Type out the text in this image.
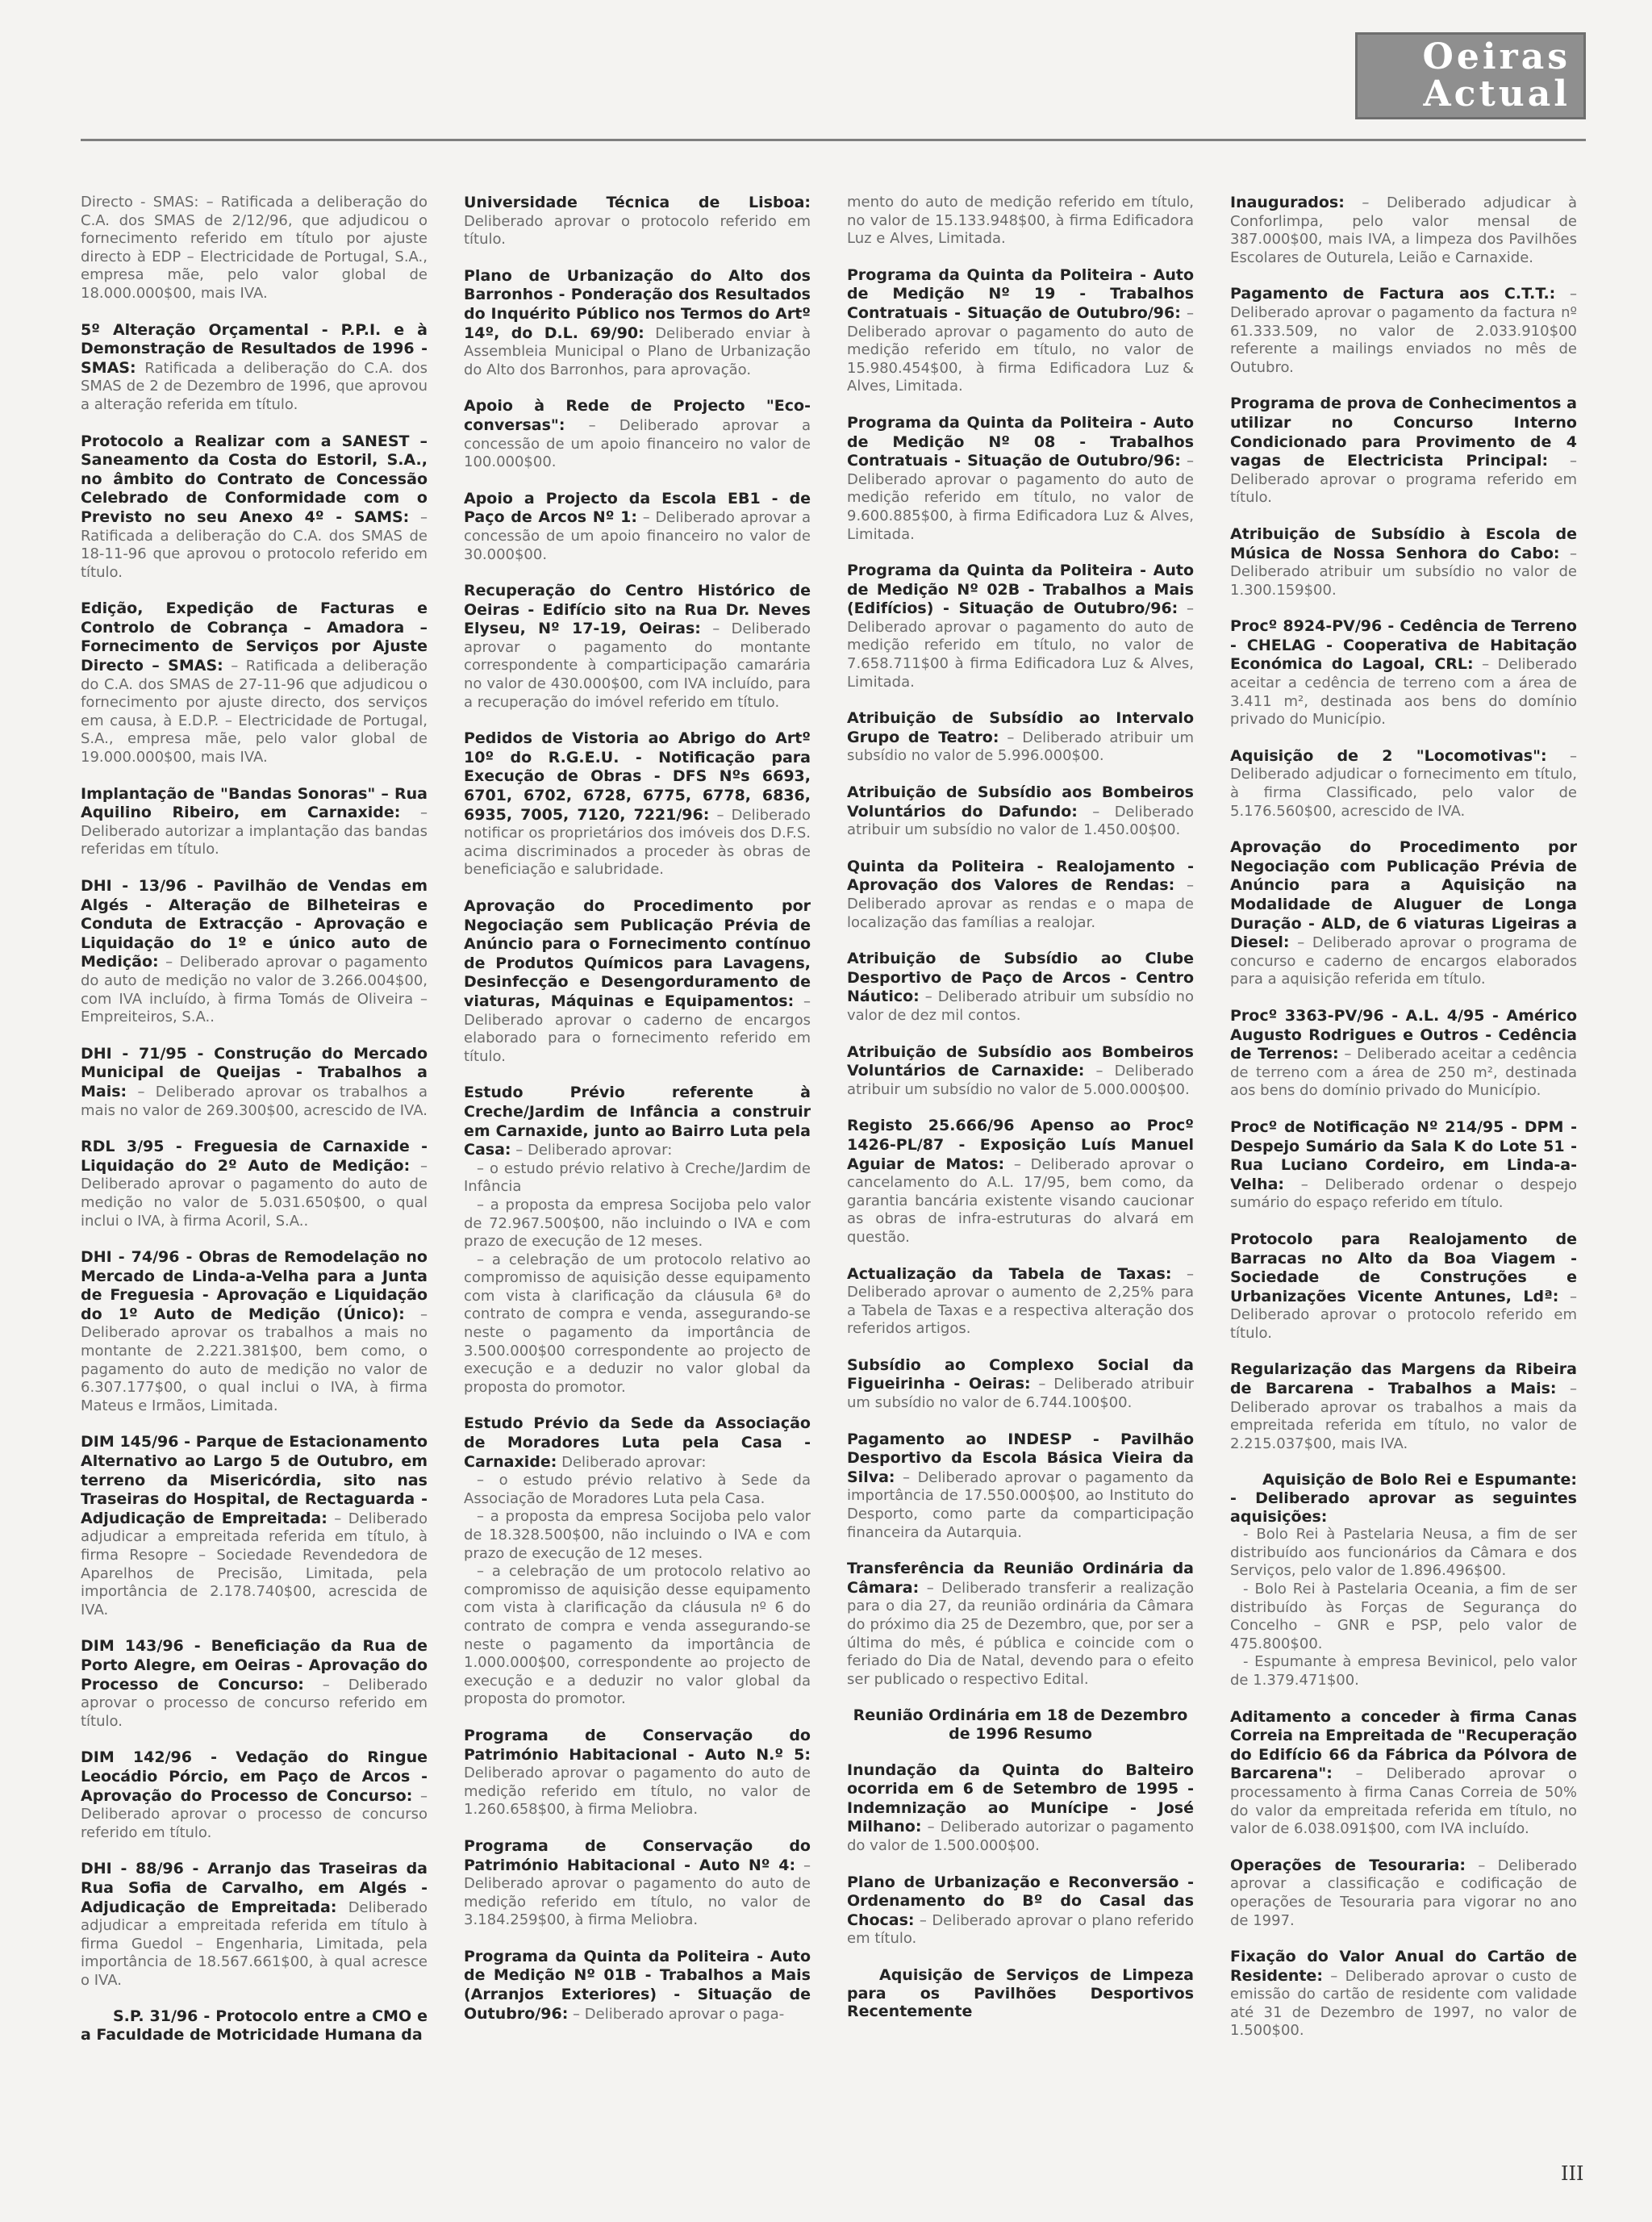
Oeiras
Actual
Directo - SMAS: – Ratificada a deliberação do C.A. dos SMAS de 2/12/96, que adjudicou o fornecimento referido em título por ajuste directo à EDP – Electricidade de Portugal, S.A., empresa mãe, pelo valor global de 18.000.000$00, mais IVA.
5º Alteração Orçamental - P.P.I. e à Demonstração de Resultados de 1996 - SMAS: Ratificada a deliberação do C.A. dos SMAS de 2 de Dezembro de 1996, que aprovou a alteração referida em título.
Protocolo a Realizar com a SANEST – Saneamento da Costa do Estoril, S.A., no âmbito do Contrato de Concessão Celebrado de Conformidade com o Previsto no seu Anexo 4º - SAMS: – Ratificada a deliberação do C.A. dos SMAS de 18-11-96 que aprovou o protocolo referido em título.
Edição, Expedição de Facturas e Controlo de Cobrança – Amadora – Fornecimento de Serviços por Ajuste Directo – SMAS: – Ratificada a deliberação do C.A. dos SMAS de 27-11-96 que adjudicou o fornecimento por ajuste directo, dos serviços em causa, à E.D.P. – Electricidade de Portugal, S.A., empresa mãe, pelo valor global de 19.000.000$00, mais IVA.
Implantação de "Bandas Sonoras" – Rua Aquilino Ribeiro, em Carnaxide: – Deliberado autorizar a implantação das bandas referidas em título.
DHI - 13/96 - Pavilhão de Vendas em Algés - Alteração de Bilheteiras e Conduta de Extracção - Aprovação e Liquidação do 1º e único auto de Medição: – Deliberado aprovar o pagamento do auto de medição no valor de 3.266.004$00, com IVA incluído, à firma Tomás de Oliveira – Empreiteiros, S.A..
DHI - 71/95 - Construção do Mercado Municipal de Queijas - Trabalhos a Mais: – Deliberado aprovar os trabalhos a mais no valor de 269.300$00, acrescido de IVA.
RDL 3/95 - Freguesia de Carnaxide - Liquidação do 2º Auto de Medição: – Deliberado aprovar o pagamento do auto de medição no valor de 5.031.650$00, o qual inclui o IVA, à firma Acoril, S.A..
DHI - 74/96 - Obras de Remodelação no Mercado de Linda-a-Velha para a Junta de Freguesia - Aprovação e Liquidação do 1º Auto de Medição (Único): – Deliberado aprovar os trabalhos a mais no montante de 2.221.381$00, bem como, o pagamento do auto de medição no valor de 6.307.177$00, o qual inclui o IVA, à firma Mateus e Irmãos, Limitada.
DIM 145/96 - Parque de Estacionamento Alternativo ao Largo 5 de Outubro, em terreno da Misericórdia, sito nas Traseiras do Hospital, de Rectaguarda - Adjudicação de Empreitada: – Deliberado adjudicar a empreitada referida em título, à firma Resopre – Sociedade Revendedora de Aparelhos de Precisão, Limitada, pela importância de 2.178.740$00, acrescida de IVA.
DIM 143/96 - Beneficiação da Rua de Porto Alegre, em Oeiras - Aprovação do Processo de Concurso: – Deliberado aprovar o processo de concurso referido em título.
DIM 142/96 - Vedação do Ringue Leocádio Pórcio, em Paço de Arcos - Aprovação do Processo de Concurso: – Deliberado aprovar o processo de concurso referido em título.
DHI - 88/96 - Arranjo das Traseiras da Rua Sofia de Carvalho, em Algés - Adjudicação de Empreitada: Deliberado adjudicar a empreitada referida em título à firma Guedol – Engenharia, Limitada, pela importância de 18.567.661$00, à qual acresce o IVA.
S.P. 31/96 - Protocolo entre a CMO e a Faculdade de Motricidade Humana da
Universidade Técnica de Lisboa: Deliberado aprovar o protocolo referido em título.
Plano de Urbanização do Alto dos Barronhos - Ponderação dos Resultados do Inquérito Público nos Termos do Artº 14º, do D.L. 69/90: Deliberado enviar à Assembleia Municipal o Plano de Urbanização do Alto dos Barronhos, para aprovação.
Apoio à Rede de Projecto "Eco-conversas": – Deliberado aprovar a concessão de um apoio financeiro no valor de 100.000$00.
Apoio a Projecto da Escola EB1 - de Paço de Arcos Nº 1: – Deliberado aprovar a concessão de um apoio financeiro no valor de 30.000$00.
Recuperação do Centro Histórico de Oeiras - Edifício sito na Rua Dr. Neves Elyseu, Nº 17-19, Oeiras: – Deliberado aprovar o pagamento do montante correspondente à comparticipação camarária no valor de 430.000$00, com IVA incluído, para a recuperação do imóvel referido em título.
Pedidos de Vistoria ao Abrigo do Artº 10º do R.G.E.U. - Notificação para Execução de Obras - DFS Nºs 6693, 6701, 6702, 6728, 6775, 6778, 6836, 6935, 7005, 7120, 7221/96: – Deliberado notificar os proprietários dos imóveis dos D.F.S. acima discriminados a proceder às obras de beneficiação e salubridade.
Aprovação do Procedimento por Negociação sem Publicação Prévia de Anúncio para o Fornecimento contínuo de Produtos Químicos para Lavagens, Desinfecção e Desengorduramento de viaturas, Máquinas e Equipamentos: – Deliberado aprovar o caderno de encargos elaborado para o fornecimento referido em título.
Estudo Prévio referente à Creche/Jardim de Infância a construir em Carnaxide, junto ao Bairro Luta pela Casa: – Deliberado aprovar:
– o estudo prévio relativo à Creche/Jardim de Infância
– a proposta da empresa Socijoba pelo valor de 72.967.500$00, não incluindo o IVA e com prazo de execução de 12 meses.
– a celebração de um protocolo relativo ao compromisso de aquisição desse equipamento com vista à clarificação da cláusula 6ª do contrato de compra e venda, assegurando-se neste o pagamento da importância de 3.500.000$00 correspondente ao projecto de execução e a deduzir no valor global da proposta do promotor.
Estudo Prévio da Sede da Associação de Moradores Luta pela Casa - Carnaxide: Deliberado aprovar:
– o estudo prévio relativo à Sede da Associação de Moradores Luta pela Casa.
– a proposta da empresa Socijoba pelo valor de 18.328.500$00, não incluindo o IVA e com prazo de execução de 12 meses.
– a celebração de um protocolo relativo ao compromisso de aquisição desse equipamento com vista à clarificação da cláusula nº 6 do contrato de compra e venda assegurando-se neste o pagamento da importância de 1.000.000$00, correspondente ao projecto de execução e a deduzir no valor global da proposta do promotor.
Programa de Conservação do Património Habitacional - Auto N.º 5: Deliberado aprovar o pagamento do auto de medição referido em título, no valor de 1.260.658$00, à firma Meliobra.
Programa de Conservação do Património Habitacional - Auto Nº 4: – Deliberado aprovar o pagamento do auto de medição referido em título, no valor de 3.184.259$00, à firma Meliobra.
Programa da Quinta da Politeira - Auto de Medição Nº 01B - Trabalhos a Mais (Arranjos Exteriores) - Situação de Outubro/96: – Deliberado aprovar o paga-
mento do auto de medição referido em título, no valor de 15.133.948$00, à firma Edificadora Luz e Alves, Limitada.
Programa da Quinta da Politeira - Auto de Medição Nº 19 - Trabalhos Contratuais - Situação de Outubro/96: – Deliberado aprovar o pagamento do auto de medição referido em título, no valor de 15.980.454$00, à firma Edificadora Luz & Alves, Limitada.
Programa da Quinta da Politeira - Auto de Medição Nº 08 - Trabalhos Contratuais - Situação de Outubro/96: – Deliberado aprovar o pagamento do auto de medição referido em título, no valor de 9.600.885$00, à firma Edificadora Luz & Alves, Limitada.
Programa da Quinta da Politeira - Auto de Medição Nº 02B - Trabalhos a Mais (Edifícios) - Situação de Outubro/96: – Deliberado aprovar o pagamento do auto de medição referido em título, no valor de 7.658.711$00 à firma Edificadora Luz & Alves, Limitada.
Atribuição de Subsídio ao Intervalo Grupo de Teatro: – Deliberado atribuir um subsídio no valor de 5.996.000$00.
Atribuição de Subsídio aos Bombeiros Voluntários do Dafundo: – Deliberado atribuir um subsídio no valor de 1.450.00$00.
Quinta da Politeira - Realojamento - Aprovação dos Valores de Rendas: – Deliberado aprovar as rendas e o mapa de localização das famílias a realojar.
Atribuição de Subsídio ao Clube Desportivo de Paço de Arcos - Centro Náutico: – Deliberado atribuir um subsídio no valor de dez mil contos.
Atribuição de Subsídio aos Bombeiros Voluntários de Carnaxide: – Deliberado atribuir um subsídio no valor de 5.000.000$00.
Registo 25.666/96 Apenso ao Procº 1426-PL/87 - Exposição Luís Manuel Aguiar de Matos: – Deliberado aprovar o cancelamento do A.L. 17/95, bem como, da garantia bancária existente visando caucionar as obras de infra-estruturas do alvará em questão.
Actualização da Tabela de Taxas: – Deliberado aprovar o aumento de 2,25% para a Tabela de Taxas e a respectiva alteração dos referidos artigos.
Subsídio ao Complexo Social da Figueirinha - Oeiras: – Deliberado atribuir um subsídio no valor de 6.744.100$00.
Pagamento ao INDESP - Pavilhão Desportivo da Escola Básica Vieira da Silva: – Deliberado aprovar o pagamento da importância de 17.550.000$00, ao Instituto do Desporto, como parte da comparticipação financeira da Autarquia.
Transferência da Reunião Ordinária da Câmara: – Deliberado transferir a realização para o dia 27, da reunião ordinária da Câmara do próximo dia 25 de Dezembro, que, por ser a última do mês, é pública e coincide com o feriado do Dia de Natal, devendo para o efeito ser publicado o respectivo Edital.
Reunião Ordinária em 18 de Dezembro de 1996 Resumo
Inundação da Quinta do Balteiro ocorrida em 6 de Setembro de 1995 - Indemnização ao Munícipe - José Milhano: – Deliberado autorizar o pagamento do valor de 1.500.000$00.
Plano de Urbanização e Reconversão - Ordenamento do Bº do Casal das Chocas: – Deliberado aprovar o plano referido em título.
Aquisição de Serviços de Limpeza para os Pavilhões Desportivos Recentemente
Inaugurados: – Deliberado adjudicar à Conforlimpa, pelo valor mensal de 387.000$00, mais IVA, a limpeza dos Pavilhões Escolares de Outurela, Leião e Carnaxide.
Pagamento de Factura aos C.T.T.: – Deliberado aprovar o pagamento da factura nº 61.333.509, no valor de 2.033.910$00 referente a mailings enviados no mês de Outubro.
Programa de prova de Conhecimentos a utilizar no Concurso Interno Condicionado para Provimento de 4 vagas de Electricista Principal: – Deliberado aprovar o programa referido em título.
Atribuição de Subsídio à Escola de Música de Nossa Senhora do Cabo: – Deliberado atribuir um subsídio no valor de 1.300.159$00.
Procº 8924-PV/96 - Cedência de Terreno - CHELAG - Cooperativa de Habitação Económica do Lagoal, CRL: – Deliberado aceitar a cedência de terreno com a área de 3.411 m², destinada aos bens do domínio privado do Município.
Aquisição de 2 "Locomotivas": – Deliberado adjudicar o fornecimento em título, à firma Classificado, pelo valor de 5.176.560$00, acrescido de IVA.
Aprovação do Procedimento por Negociação com Publicação Prévia de Anúncio para a Aquisição na Modalidade de Aluguer de Longa Duração - ALD, de 6 viaturas Ligeiras a Diesel: – Deliberado aprovar o programa de concurso e caderno de encargos elaborados para a aquisição referida em título.
Procº 3363-PV/96 - A.L. 4/95 - Américo Augusto Rodrigues e Outros - Cedência de Terrenos: – Deliberado aceitar a cedência de terreno com a área de 250 m², destinada aos bens do domínio privado do Município.
Procº de Notificação Nº 214/95 - DPM - Despejo Sumário da Sala K do Lote 51 - Rua Luciano Cordeiro, em Linda-a-Velha: – Deliberado ordenar o despejo sumário do espaço referido em título.
Protocolo para Realojamento de Barracas no Alto da Boa Viagem - Sociedade de Construções e Urbanizações Vicente Antunes, Ldª: – Deliberado aprovar o protocolo referido em título.
Regularização das Margens da Ribeira de Barcarena - Trabalhos a Mais: – Deliberado aprovar os trabalhos a mais da empreitada referida em título, no valor de 2.215.037$00, mais IVA.
Aquisição de Bolo Rei e Espumante: - Deliberado aprovar as seguintes aquisições:
- Bolo Rei à Pastelaria Neusa, a fim de ser distribuído aos funcionários da Câmara e dos Serviços, pelo valor de 1.896.496$00.
- Bolo Rei à Pastelaria Oceania, a fim de ser distribuído às Forças de Segurança do Concelho – GNR e PSP, pelo valor de 475.800$00.
- Espumante à empresa Bevinicol, pelo valor de 1.379.471$00.
Aditamento a conceder à firma Canas Correia na Empreitada de "Recuperação do Edifício 66 da Fábrica da Pólvora de Barcarena": – Deliberado aprovar o processamento à firma Canas Correia de 50% do valor da empreitada referida em título, no valor de 6.038.091$00, com IVA incluído.
Operações de Tesouraria: – Deliberado aprovar a classificação e codificação de operações de Tesouraria para vigorar no ano de 1997.
Fixação do Valor Anual do Cartão de Residente: – Deliberado aprovar o custo de emissão do cartão de residente com validade até 31 de Dezembro de 1997, no valor de 1.500$00.
III
